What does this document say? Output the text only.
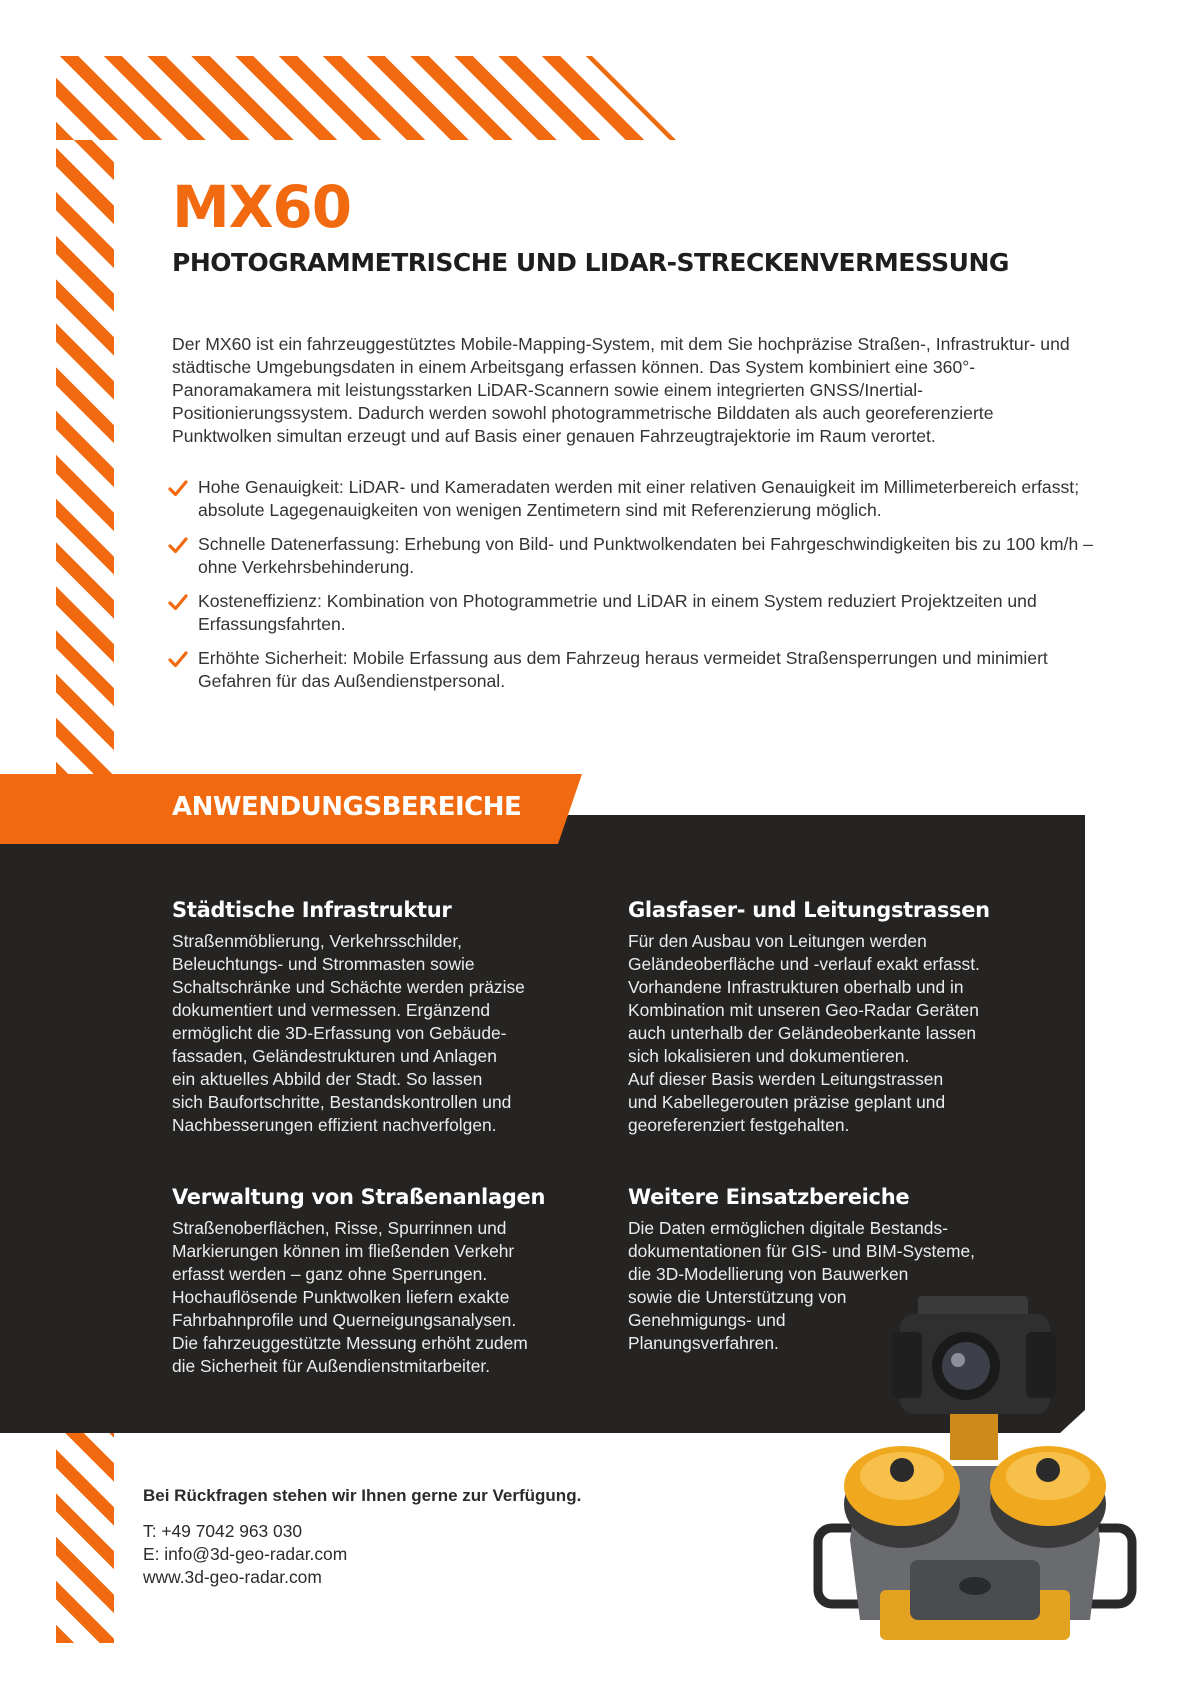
MX60
PHOTOGRAMMETRISCHE UND LIDAR-STRECKENVERMESSUNG

Der MX60 ist ein fahrzeuggestütztes Mobile-Mapping-System, mit dem Sie hochpräzise Straßen-, Infrastruktur- und städtische Umgebungsdaten in einem Arbeitsgang erfassen können. Das System kombiniert eine 360°-Panoramakamera mit leistungsstarken LiDAR-Scannern sowie einem integrierten GNSS/Inertial-Positionierungssystem. Dadurch werden sowohl photogrammetrische Bilddaten als auch georeferenzierte Punktwolken simultan erzeugt und auf Basis einer genauen Fahrzeugtrajektorie im Raum verortet.

Hohe Genauigkeit: LiDAR- und Kameradaten werden mit einer relativen Genauigkeit im Millimeterbereich erfasst; absolute Lagegenauigkeiten von wenigen Zentimetern sind mit Referenzierung möglich.
Schnelle Datenerfassung: Erhebung von Bild- und Punktwolkendaten bei Fahrgeschwindigkeiten bis zu 100 km/h – ohne Verkehrsbehinderung.
Kosteneffizienz: Kombination von Photogrammetrie und LiDAR in einem System reduziert Projektzeiten und Erfassungsfahrten.
Erhöhte Sicherheit: Mobile Erfassung aus dem Fahrzeug heraus vermeidet Straßensperrungen und minimiert Gefahren für das Außendienstpersonal.
ANWENDUNGSBEREICHE
Städtische Infrastruktur

Straßenmöblierung, Verkehrsschilder,
Beleuchtungs- und Strommasten sowie
Schaltschränke und Schächte werden präzise
dokumentiert und vermessen. Ergänzend
ermöglicht die 3D-Erfassung von Gebäude-
fassaden, Geländestrukturen und Anlagen
ein aktuelles Abbild der Stadt. So lassen
sich Baufortschritte, Bestandskontrollen und
Nachbesserungen effizient nachverfolgen.

Glasfaser- und Leitungstrassen

Für den Ausbau von Leitungen werden
Geländeoberfläche und -verlauf exakt erfasst.
Vorhandene Infrastrukturen oberhalb und in
Kombination mit unseren Geo-Radar Geräten
auch unterhalb der Geländeoberkante lassen
sich lokalisieren und dokumentieren.
Auf dieser Basis werden Leitungstrassen
und Kabellegerouten präzise geplant und
georeferenziert festgehalten.

Verwaltung von Straßenanlagen

Straßenoberflächen, Risse, Spurrinnen und
Markierungen können im fließenden Verkehr
erfasst werden – ganz ohne Sperrungen.
Hochauflösende Punktwolken liefern exakte
Fahrbahnprofile und Querneigungsanalysen.
Die fahrzeuggestützte Messung erhöht zudem
die Sicherheit für Außendienstmitarbeiter.

Weitere Einsatzbereiche

Die Daten ermöglichen digitale Bestands-
dokumentationen für GIS- und BIM-Systeme,
die 3D-Modellierung von Bauwerken
sowie die Unterstützung von
Genehmigungs- und
Planungsverfahren.

Bei Rückfragen stehen wir Ihnen gerne zur Verfügung.

T: +49 7042 963 030
E: info@3d-geo-radar.com
www.3d-geo-radar.com
